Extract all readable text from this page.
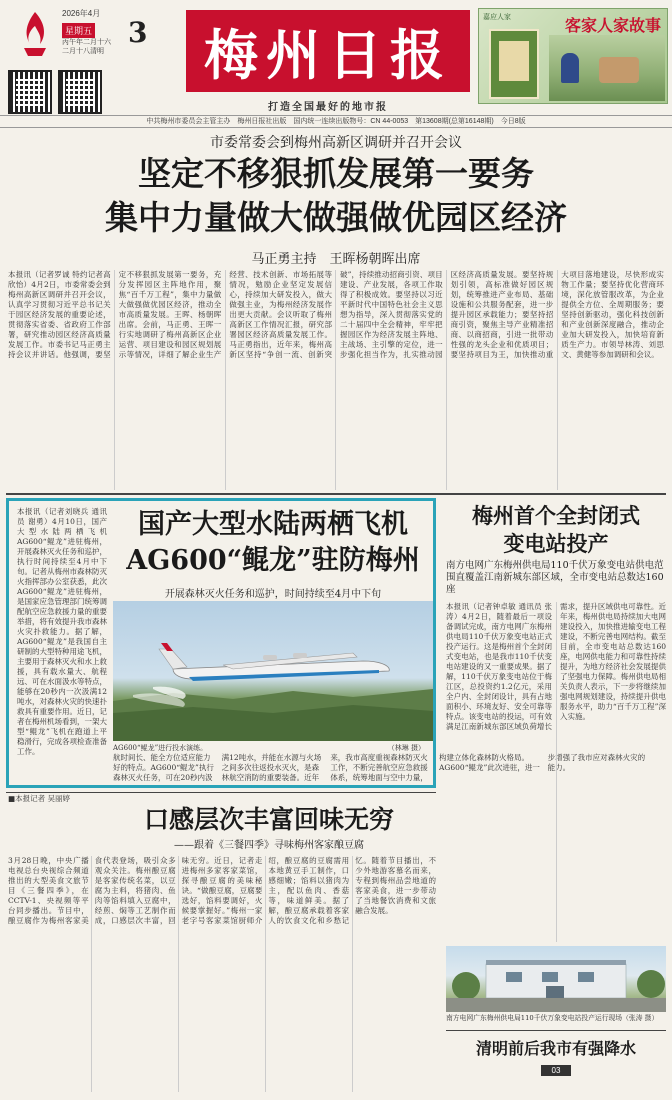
2026年4月
星期五
丙午年二月十六
二月十八清明
3 梅州日报
打造全国最好的地市报
嘉应人家	客家人家故事
中共梅州市委员会主管主办　梅州日报社出版　国内统一连续出版物号：CN 44-0053　第13608期(总第16148期)　今日8版
市委常委会到梅州高新区调研并召开会议
坚定不移狠抓发展第一要务
集中力量做大做强做优园区经济
马正勇主持　王晖杨朝晖出席
本报讯（记者罗诚 特约记者高欣怡）4月2日，市委常委会到梅州高新区调研并召开会议，认真学习贯彻习近平总书记关于园区经济发展的重要论述，贯彻落实省委、省政府工作部署，研究推动园区经济高质量发展工作。市委书记马正勇主持会议并讲话。他强调，要坚定不移狠抓发展第一要务，充分发挥园区主阵地作用，聚焦“百千万工程”，集中力量做大做强做优园区经济，推动全市高质量发展。王晖、杨朝晖出席。会前，马正勇、王晖一行实地调研了梅州高新区企业运营、项目建设和园区规划展示等情况，详细了解企业生产经营、技术创新、市场拓展等情况，勉励企业坚定发展信心，持续加大研发投入，做大做强主业，为梅州经济发展作出更大贡献。会议听取了梅州高新区工作情况汇报，研究部署园区经济高质量发展工作。马正勇指出，近年来，梅州高新区坚持“争创一流、创新突破”，持续推动招商引资、项目建设、产业发展，各项工作取得了积极成效。要坚持以习近平新时代中国特色社会主义思想为指导，深入贯彻落实党的二十届四中全会精神，牢牢把握园区作为经济发展主阵地、主战场、主引擎的定位，进一步强化担当作为，扎实推动园区经济高质量发展。要坚持规划引领，高标准做好园区规划，统筹推进产业布局、基础设施和公共服务配套，进一步提升园区承载能力；要坚持招商引资，聚焦主导产业精准招商、以商招商，引进一批带动性强的龙头企业和优质项目；要坚持项目为王，加快推动重大项目落地建设，尽快形成实物工作量；要坚持优化营商环境，深化放管服改革，为企业提供全方位、全周期服务；要坚持创新驱动，强化科技创新和产业创新深度融合，推动企业加大研发投入，加快培育新质生产力。市领导林涛、刘思文、黄健等参加调研和会议。
本报讯（记者刘晓兵 通讯员 谢勇）4月10日，国产大型水陆两栖飞机AG600“鲲龙”进驻梅州，开展森林灭火任务和巡护，执行时间持续至4月中下旬。记者从梅州市森林防灭火指挥部办公室获悉，此次AG600“鲲龙”进驻梅州，是国家应急管理部门统筹调配航空应急救援力量的重要举措，将有效提升我市森林火灾扑救能力。据了解，AG600“鲲龙”是我国自主研制的大型特种用途飞机，主要用于森林灭火和水上救援，具有载水量大、航程远、可在水面汲水等特点，能够在20秒内一次汲满12吨水，对森林火灾的快速扑救具有重要作用。近日，记者在梅州机场看到，一架大型“鲲龙”飞机在跑道上平稳滑行，完成各项检查准备工作。
国产大型水陆两栖飞机
AG600“鲲龙”驻防梅州
开展森林灭火任务和巡护，时间持续至4月中下旬
AG600“鲲龙”进行投水演练。	（林琳 摄）
航时间长、能全方位适应能力好的特点。AG600“鲲龙”执行森林灭火任务，可在20秒内汲满12吨水，并能在水源与火场之间多次往返投水灭火，是森林航空消防的重要装备。近年来，我市高度重视森林防灭火工作，不断完善航空应急救援体系，统筹地面与空中力量，构建立体化森林防火格局。AG600“鲲龙”此次进驻，进一步增强了我市应对森林火灾的能力。
梅州首个全封闭式
变电站投产
南方电网广东梅州供电局110千伏万象变电站供电范围直覆盖江南新城东部区域，全市变电站总数达160座
本报讯（记者钟卓敏 通讯员 张涛）4月2日，随着最后一项设备调试完成，南方电网广东梅州供电局110千伏万象变电站正式投产运行。这是梅州首个全封闭式变电站，也是我市110千伏变电站建设的又一重要成果。据了解，110千伏万象变电站位于梅江区，总投资约1.2亿元，采用全户内、全封闭设计，具有占地面积小、环境友好、安全可靠等特点。该变电站的投运，可有效满足江南新城东部区域负荷增长需求，提升区域供电可靠性。近年来，梅州供电局持续加大电网建设投入，加快推进输变电工程建设，不断完善电网结构。截至目前，全市变电站总数达160座，电网供电能力和可靠性持续提升，为地方经济社会发展提供了坚强电力保障。梅州供电局相关负责人表示，下一步将继续加强电网规划建设，持续提升供电服务水平，助力“百千万工程”深入实施。
南方电网广东梅州供电局110千伏万象变电站投产运行现场（张涛 摄）
■本报记者 吴丽婷
口感层次丰富回味无穷
——跟着《三餐四季》寻味梅州客家酿豆腐
3月28日晚，中央广播电视总台央视综合频道推出的大型美食文旅节目《三餐四季》，在CCTV-1、央视频等平台同步播出。节目中，酿豆腐作为梅州客家美食代表登场，吸引众多观众关注。梅州酿豆腐是客家传统名菜，以豆腐为主料，将猪肉、鱼肉等馅料填入豆腐中，经煎、焖等工艺制作而成，口感层次丰富，回味无穷。近日，记者走进梅州多家客家菜馆，探寻酿豆腐的美味秘诀。“做酿豆腐，豆腐要选好，馅料要调好，火候要掌握好。”梅州一家老字号客家菜馆厨师介绍，酿豆腐的豆腐需用本地黄豆手工制作，口感细嫩；馅料以猪肉为主，配以鱼肉、香菇等，味道鲜美。据了解，酿豆腐承载着客家人的饮食文化和乡愁记忆。随着节目播出，不少外地游客慕名而来，专程到梅州品尝地道的客家美食，进一步带动了当地餐饮消费和文旅融合发展。
清明前后我市有强降水
03
